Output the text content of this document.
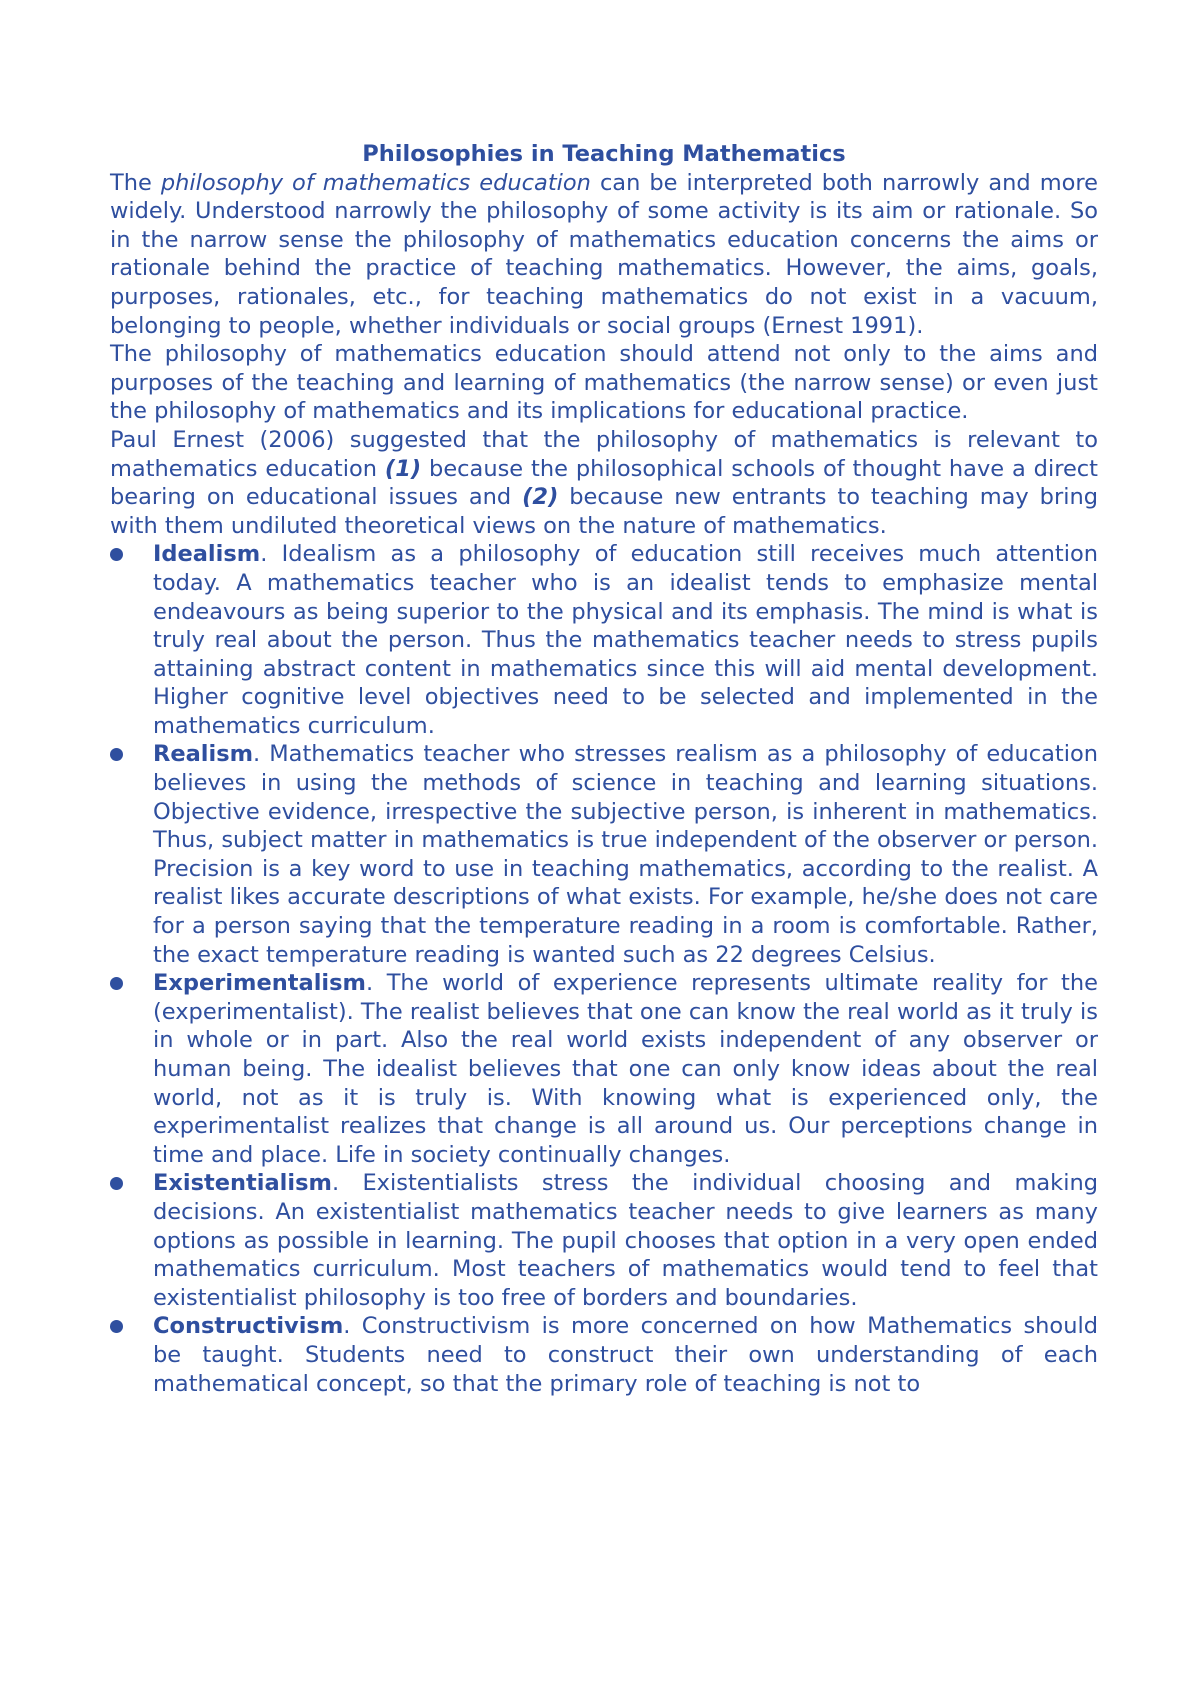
Philosophies in Teaching Mathematics

The philosophy of mathematics education can be interpreted both narrowly and more widely. Understood narrowly the philosophy of some activity is its aim or rationale. So in the narrow sense the philosophy of mathematics education concerns the aims or rationale behind the practice of teaching mathematics. However, the aims, goals, purposes, rationales, etc., for teaching mathematics do not exist in a vacuum, belonging to people, whether individuals or social groups (Ernest 1991).

The philosophy of mathematics education should attend not only to the aims and purposes of the teaching and learning of mathematics (the narrow sense) or even just the philosophy of mathematics and its implications for educational practice.

Paul Ernest (2006) suggested that the philosophy of mathematics is relevant to mathematics education (1) because the philosophical schools of thought have a direct bearing on educational issues and (2) because new entrants to teaching may bring with them undiluted theoretical views on the nature of mathematics.

Idealism. Idealism as a philosophy of education still receives much attention today. A mathematics teacher who is an idealist tends to emphasize mental endeavours as being superior to the physical and its emphasis. The mind is what is truly real about the person. Thus the mathematics teacher needs to stress pupils attaining abstract content in mathematics since this will aid mental development. Higher cognitive level objectives need to be selected and implemented in the mathematics curriculum.
Realism. Mathematics teacher who stresses realism as a philosophy of education believes in using the methods of science in teaching and learning situations. Objective evidence, irrespective the subjective person, is inherent in mathematics. Thus, subject matter in mathematics is true independent of the observer or person. Precision is a key word to use in teaching mathematics, according to the realist. A realist likes accurate descriptions of what exists. For example, he/she does not care for a person saying that the temperature reading in a room is comfortable. Rather, the exact temperature reading is wanted such as 22 degrees Celsius.
Experimentalism. The world of experience represents ultimate reality for the (experimentalist). The realist believes that one can know the real world as it truly is in whole or in part. Also the real world exists independent of any observer or human being. The idealist believes that one can only know ideas about the real world, not as it is truly is. With knowing what is experienced only, the experimentalist realizes that change is all around us. Our perceptions change in time and place. Life in society continually changes.
Existentialism. Existentialists stress the individual choosing and making decisions. An existentialist mathematics teacher needs to give learners as many options as possible in learning. The pupil chooses that option in a very open ended mathematics curriculum. Most teachers of mathematics would tend to feel that existentialist philosophy is too free of borders and boundaries.
Constructivism. Constructivism is more concerned on how Mathematics should be taught. Students need to construct their own understanding of each mathematical concept, so that the primary role of teaching is not to
